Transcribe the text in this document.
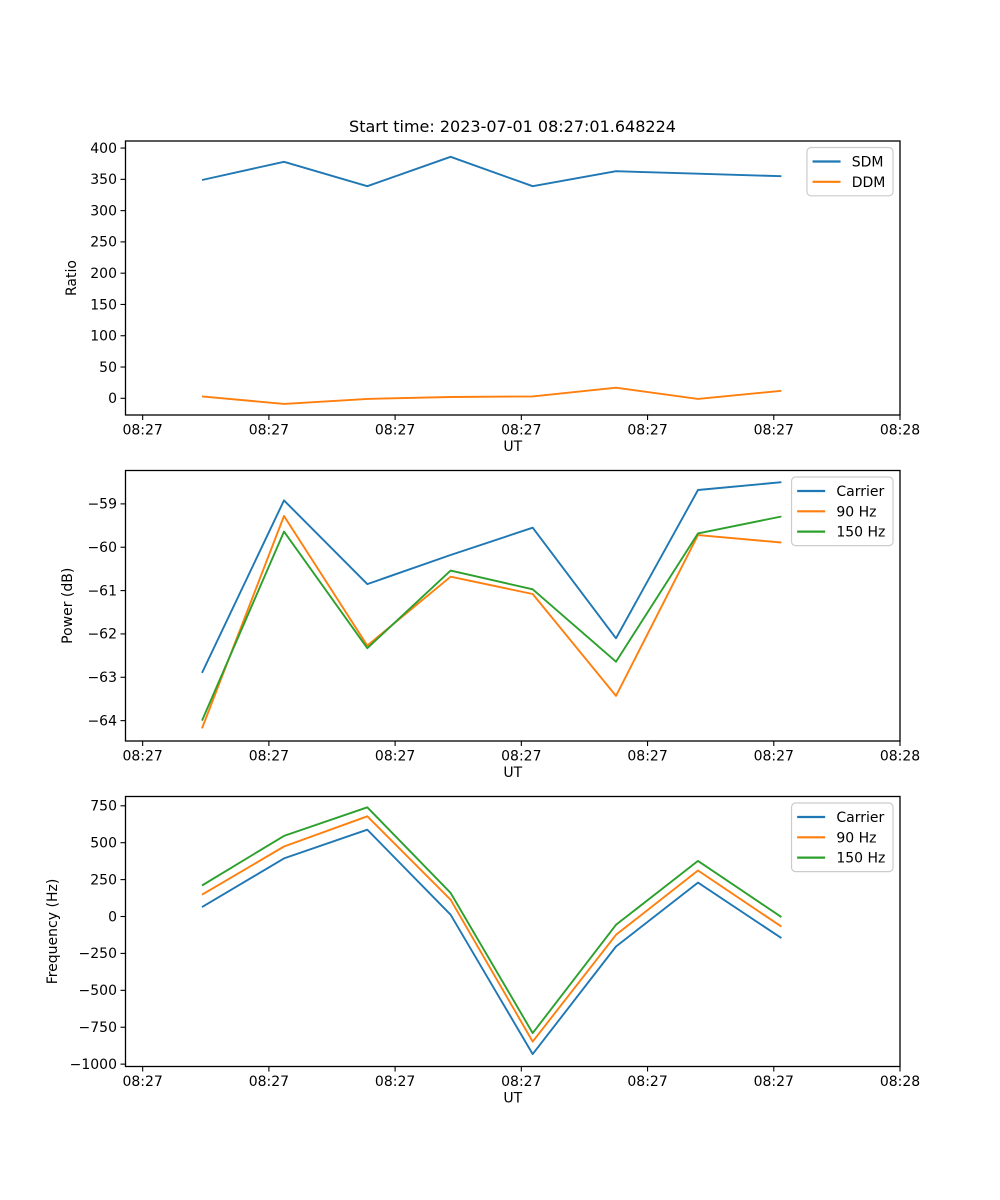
Start time: 2023-07-01 08:27:01.648224
0
50
100
150
200
250
300
350
400
08:27	08:27	08:27	08:27	08:27	08:27	08:28
UT
Ratio
SDM
DDM
−64
−63
−62
−61
−60
−59
08:27	08:27	08:27	08:27	08:27	08:27	08:28
UT
Power (dB)
Carrier
90 Hz
150 Hz
−1000
−750
−500
−250
0
250
500
750
08:27	08:27	08:27	08:27	08:27	08:27	08:28
UT
Frequency (Hz)
Carrier
90 Hz
150 Hz
